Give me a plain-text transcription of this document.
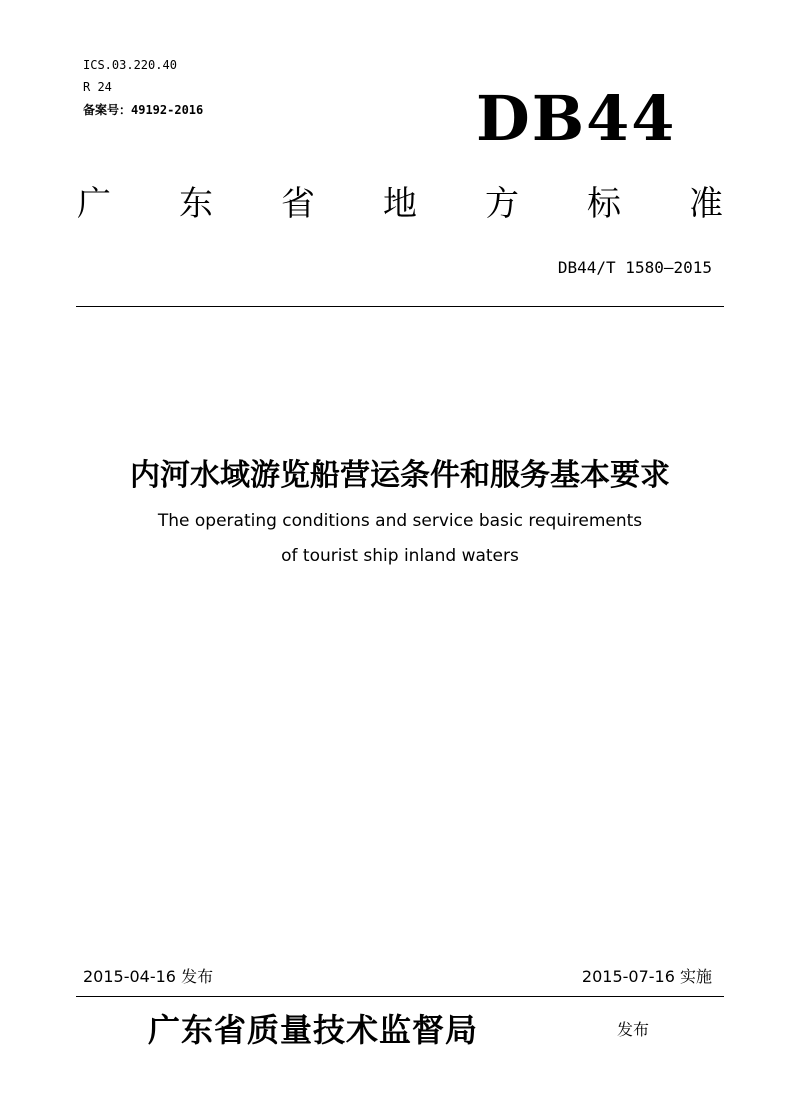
ICS.03.220.40
R 24
备案号：49192-2016	DB44
广 东 省 地 方 标 准
DB44/T 1580—2015
内河水域游览船营运条件和服务基本要求
The operating conditions and service basic requirements
of tourist ship inland waters
2015-04-16 发布	2015-07-16 实施
广东省质量技术监督局	发布
